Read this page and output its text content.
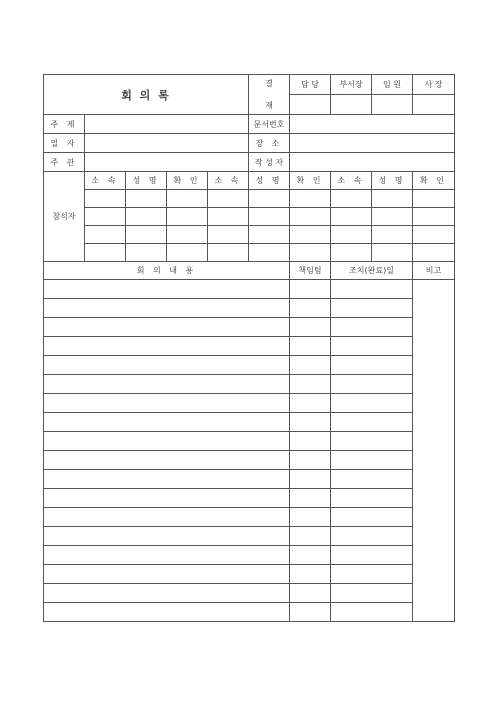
회 의 록					결
재	담 당	부서장	임 원	사 장

주 제					문서번호				
일 자					장 소				
주 관					작 성 자				
참석자	소 속	성 명	확 인	소 속	성 명	확 인	소 속	성 명	확 인

회 의 내 용						책임팀	조치(완료)일		비고
